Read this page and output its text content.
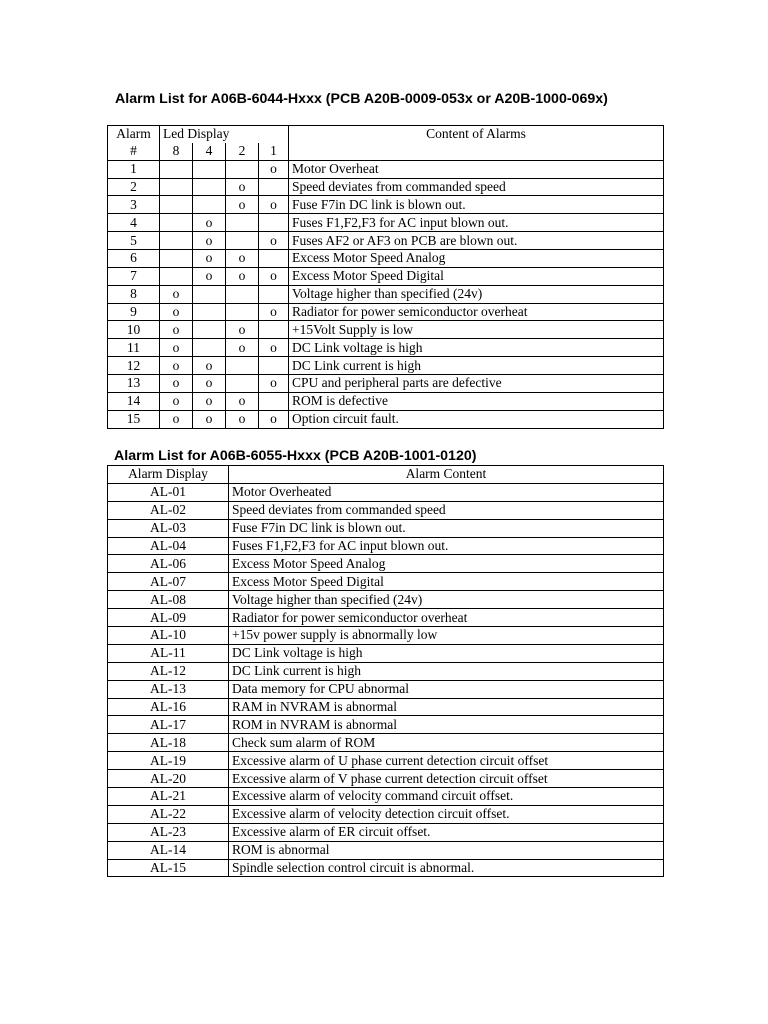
Alarm List for A06B-6044-Hxxx (PCB A20B-0009-053x or A20B-1000-069x)
Alarm	Led Display				Content of Alarms
#	8	4	2	1	
1				o	Motor Overheat
2			o		Speed deviates from commanded speed
3			o	o	Fuse F7in DC link is blown out.
4		o			Fuses F1,F2,F3 for AC input blown out.
5		o		o	Fuses AF2 or AF3 on PCB are blown out.
6		o	o		Excess Motor Speed Analog
7		o	o	o	Excess Motor Speed Digital
8	o				Voltage higher than specified (24v)
9	o			o	Radiator for power semiconductor overheat
10	o		o		+15Volt Supply is low
11	o		o	o	DC Link voltage is high
12	o	o			DC Link current is high
13	o	o		o	CPU and peripheral parts are defective
14	o	o	o		ROM is defective
15	o	o	o	o	Option circuit fault.
Alarm List for A06B-6055-Hxxx (PCB A20B-1001-0120)
Alarm Display	Alarm Content
AL-01	Motor Overheated
AL-02	Speed deviates from commanded speed
AL-03	Fuse F7in DC link is blown out.
AL-04	Fuses F1,F2,F3 for AC input blown out.
AL-06	Excess Motor Speed Analog
AL-07	Excess Motor Speed Digital
AL-08	Voltage higher than specified (24v)
AL-09	Radiator for power semiconductor overheat
AL-10	+15v power supply is abnormally low
AL-11	DC Link voltage is high
AL-12	DC Link current is high
AL-13	Data memory for CPU abnormal
AL-16	RAM in NVRAM is abnormal
AL-17	ROM in NVRAM is abnormal
AL-18	Check sum alarm of ROM
AL-19	Excessive alarm of U phase current detection circuit offset
AL-20	Excessive alarm of V phase current detection circuit offset
AL-21	Excessive alarm of velocity command circuit offset.
AL-22	Excessive alarm of velocity detection circuit offset.
AL-23	Excessive alarm of ER circuit offset.
AL-14	ROM is abnormal
AL-15	Spindle selection control circuit is abnormal.
